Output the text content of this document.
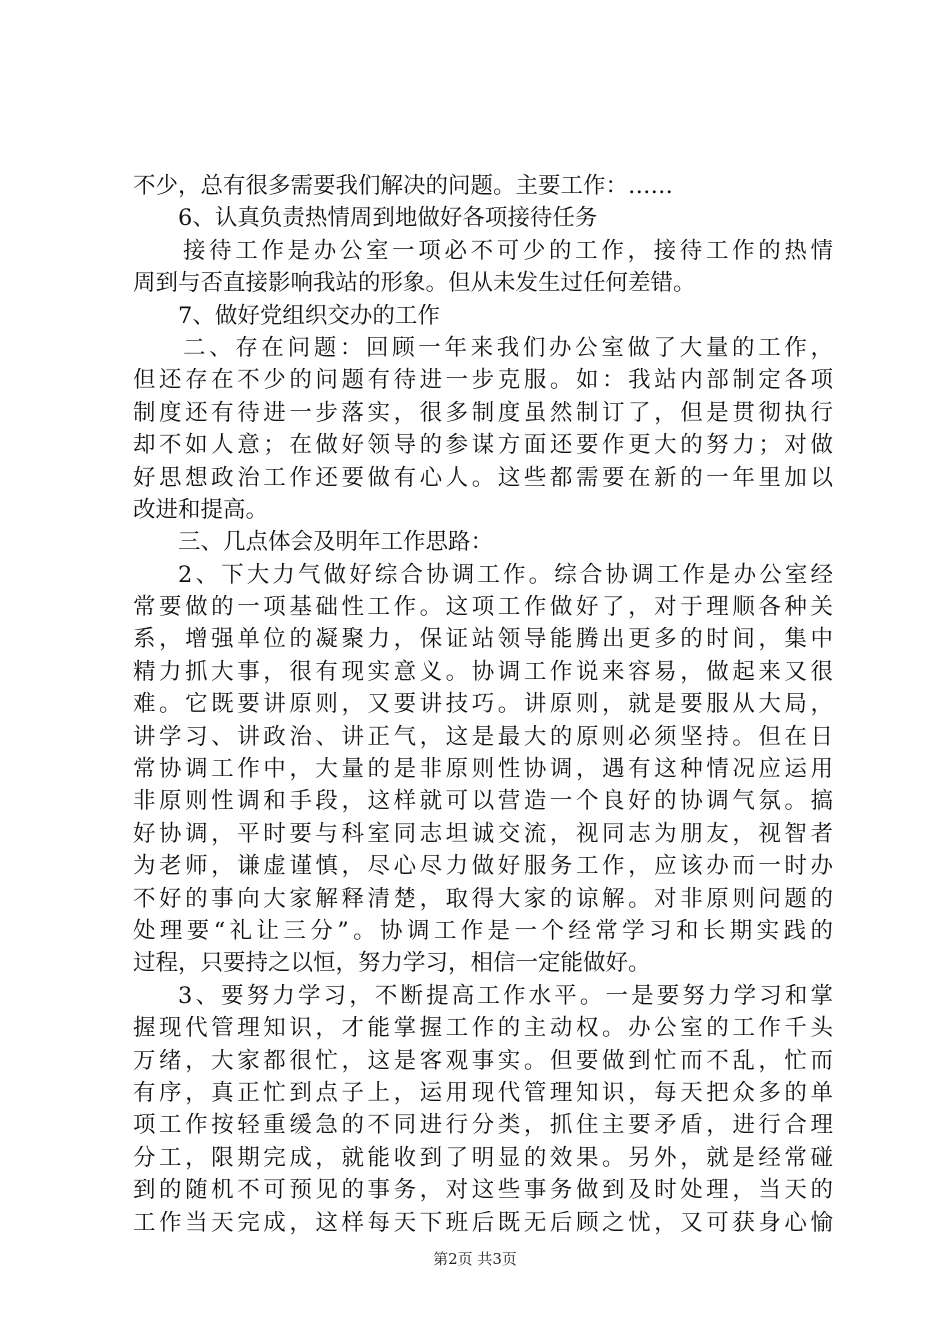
不少，总有很多需要我们解决的问题。主要工作：……
6、认真负责热情周到地做好各项接待任务
接待工作是办公室一项必不可少的工作，接待工作的热情
周到与否直接影响我站的形象。但从未发生过任何差错。
7、做好党组织交办的工作
二、存在问题：回顾一年来我们办公室做了大量的工作，
但还存在不少的问题有待进一步克服。如：我站内部制定各项
制度还有待进一步落实，很多制度虽然制订了，但是贯彻执行
却不如人意；在做好领导的参谋方面还要作更大的努力；对做
好思想政治工作还要做有心人。这些都需要在新的一年里加以
改进和提高。
三、几点体会及明年工作思路：
2、下大力气做好综合协调工作。综合协调工作是办公室经
常要做的一项基础性工作。这项工作做好了，对于理顺各种关
系，增强单位的凝聚力，保证站领导能腾出更多的时间，集中
精力抓大事，很有现实意义。协调工作说来容易，做起来又很
难。它既要讲原则，又要讲技巧。讲原则，就是要服从大局，
讲学习、讲政治、讲正气，这是最大的原则必须坚持。但在日
常协调工作中，大量的是非原则性协调，遇有这种情况应运用
非原则性调和手段，这样就可以营造一个良好的协调气氛。搞
好协调，平时要与科室同志坦诚交流，视同志为朋友，视智者
为老师，谦虚谨慎，尽心尽力做好服务工作，应该办而一时办
不好的事向大家解释清楚，取得大家的谅解。对非原则问题的
处理要“礼让三分”。协调工作是一个经常学习和长期实践的
过程，只要持之以恒，努力学习，相信一定能做好。
3、要努力学习，不断提高工作水平。一是要努力学习和掌
握现代管理知识，才能掌握工作的主动权。办公室的工作千头
万绪，大家都很忙，这是客观事实。但要做到忙而不乱，忙而
有序，真正忙到点子上，运用现代管理知识，每天把众多的单
项工作按轻重缓急的不同进行分类，抓住主要矛盾，进行合理
分工，限期完成，就能收到了明显的效果。另外，就是经常碰
到的随机不可预见的事务，对这些事务做到及时处理，当天的
工作当天完成，这样每天下班后既无后顾之忧，又可获身心愉
第2页 共3页
